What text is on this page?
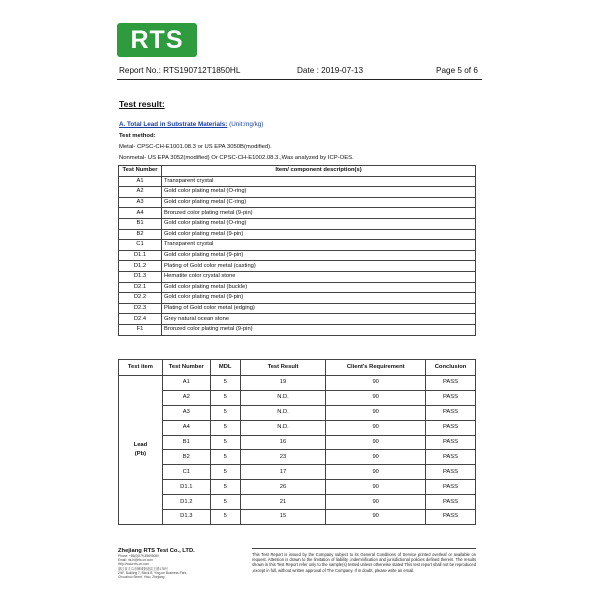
RTS
Report No.: RTS190712T1850HL	Date : 2019-07-13	Page 5 of 6
Test result:
A. Total Lead in Substrate Materials: (Unit:mg/kg)
Test method:
Metal- CPSC-CH-E1001.08.3 or US EPA 3050B(modified).
Nonmetal- US EPA 3052(modified) Or CPSC-CH-E1002.08.3.,Was analyzed by ICP-OES.
Test Number	Item/ component description(s)
A1	Transparent crystal
A2	Gold color plating metal (O-ring)
A3	Gold color plating metal (C-ring)
A4	Bronzed color plating metal (9-pin)
B1	Gold color plating metal (O-ring)
B2	Gold color plating metal (9-pin)
C1	Transparent crystal
D1.1	Gold color plating metal (9-pin)
D1.2	Plating of Gold color metal (casting)
D1.3	Hematite color crystal stone
D2.1	Gold color plating metal (buckle)
D2.2	Gold color plating metal (9-pin)
D2.3	Plating of Gold color metal (edging)
D2.4	Grey natural ocean stone
F1	Bronzed color plating metal (9-pin)
Test item	Test Number	MDL	Test Result	Client's Requirement	Conclusion

Lead
(Pb)	A1	5	19	90	PASS
	A2	5	N.D.	90	PASS
	A3	5	N.D.	90	PASS
	A4	5	N.D.	90	PASS
	B1	5	16	90	PASS
	B2	5	23	90	PASS
	C1	5	17	90	PASS
	D1.1	5	26	90	PASS
	D1.2	5	21	90	PASS
	D1.3	5	15	90	PASS
Zhejiang RTS Test Co., LTD.
Phone: +86(0)579-85695080
Email: rts-hl@rts-cn.com
Http://www.rts-cn.com
浙江省义乌市稠城街道宾王路178号
2/4F, Building 7, Block B, Ying-ue Business Park,
Chouzhou Street, Yiwu, Zhejiang
This Test Report is issued by the Company subject to its General Conditions of Service printed overleaf or available on request. Attention is drawn to the limitation of liability ,indemnification and jurisdictional policies defined therein. The results shown in this Test Report refer only to the sample(s) tested unless otherwise stated This test report shall not be reproduced ,except in full, without written approval of The Company. If in doubt, please write an email.
